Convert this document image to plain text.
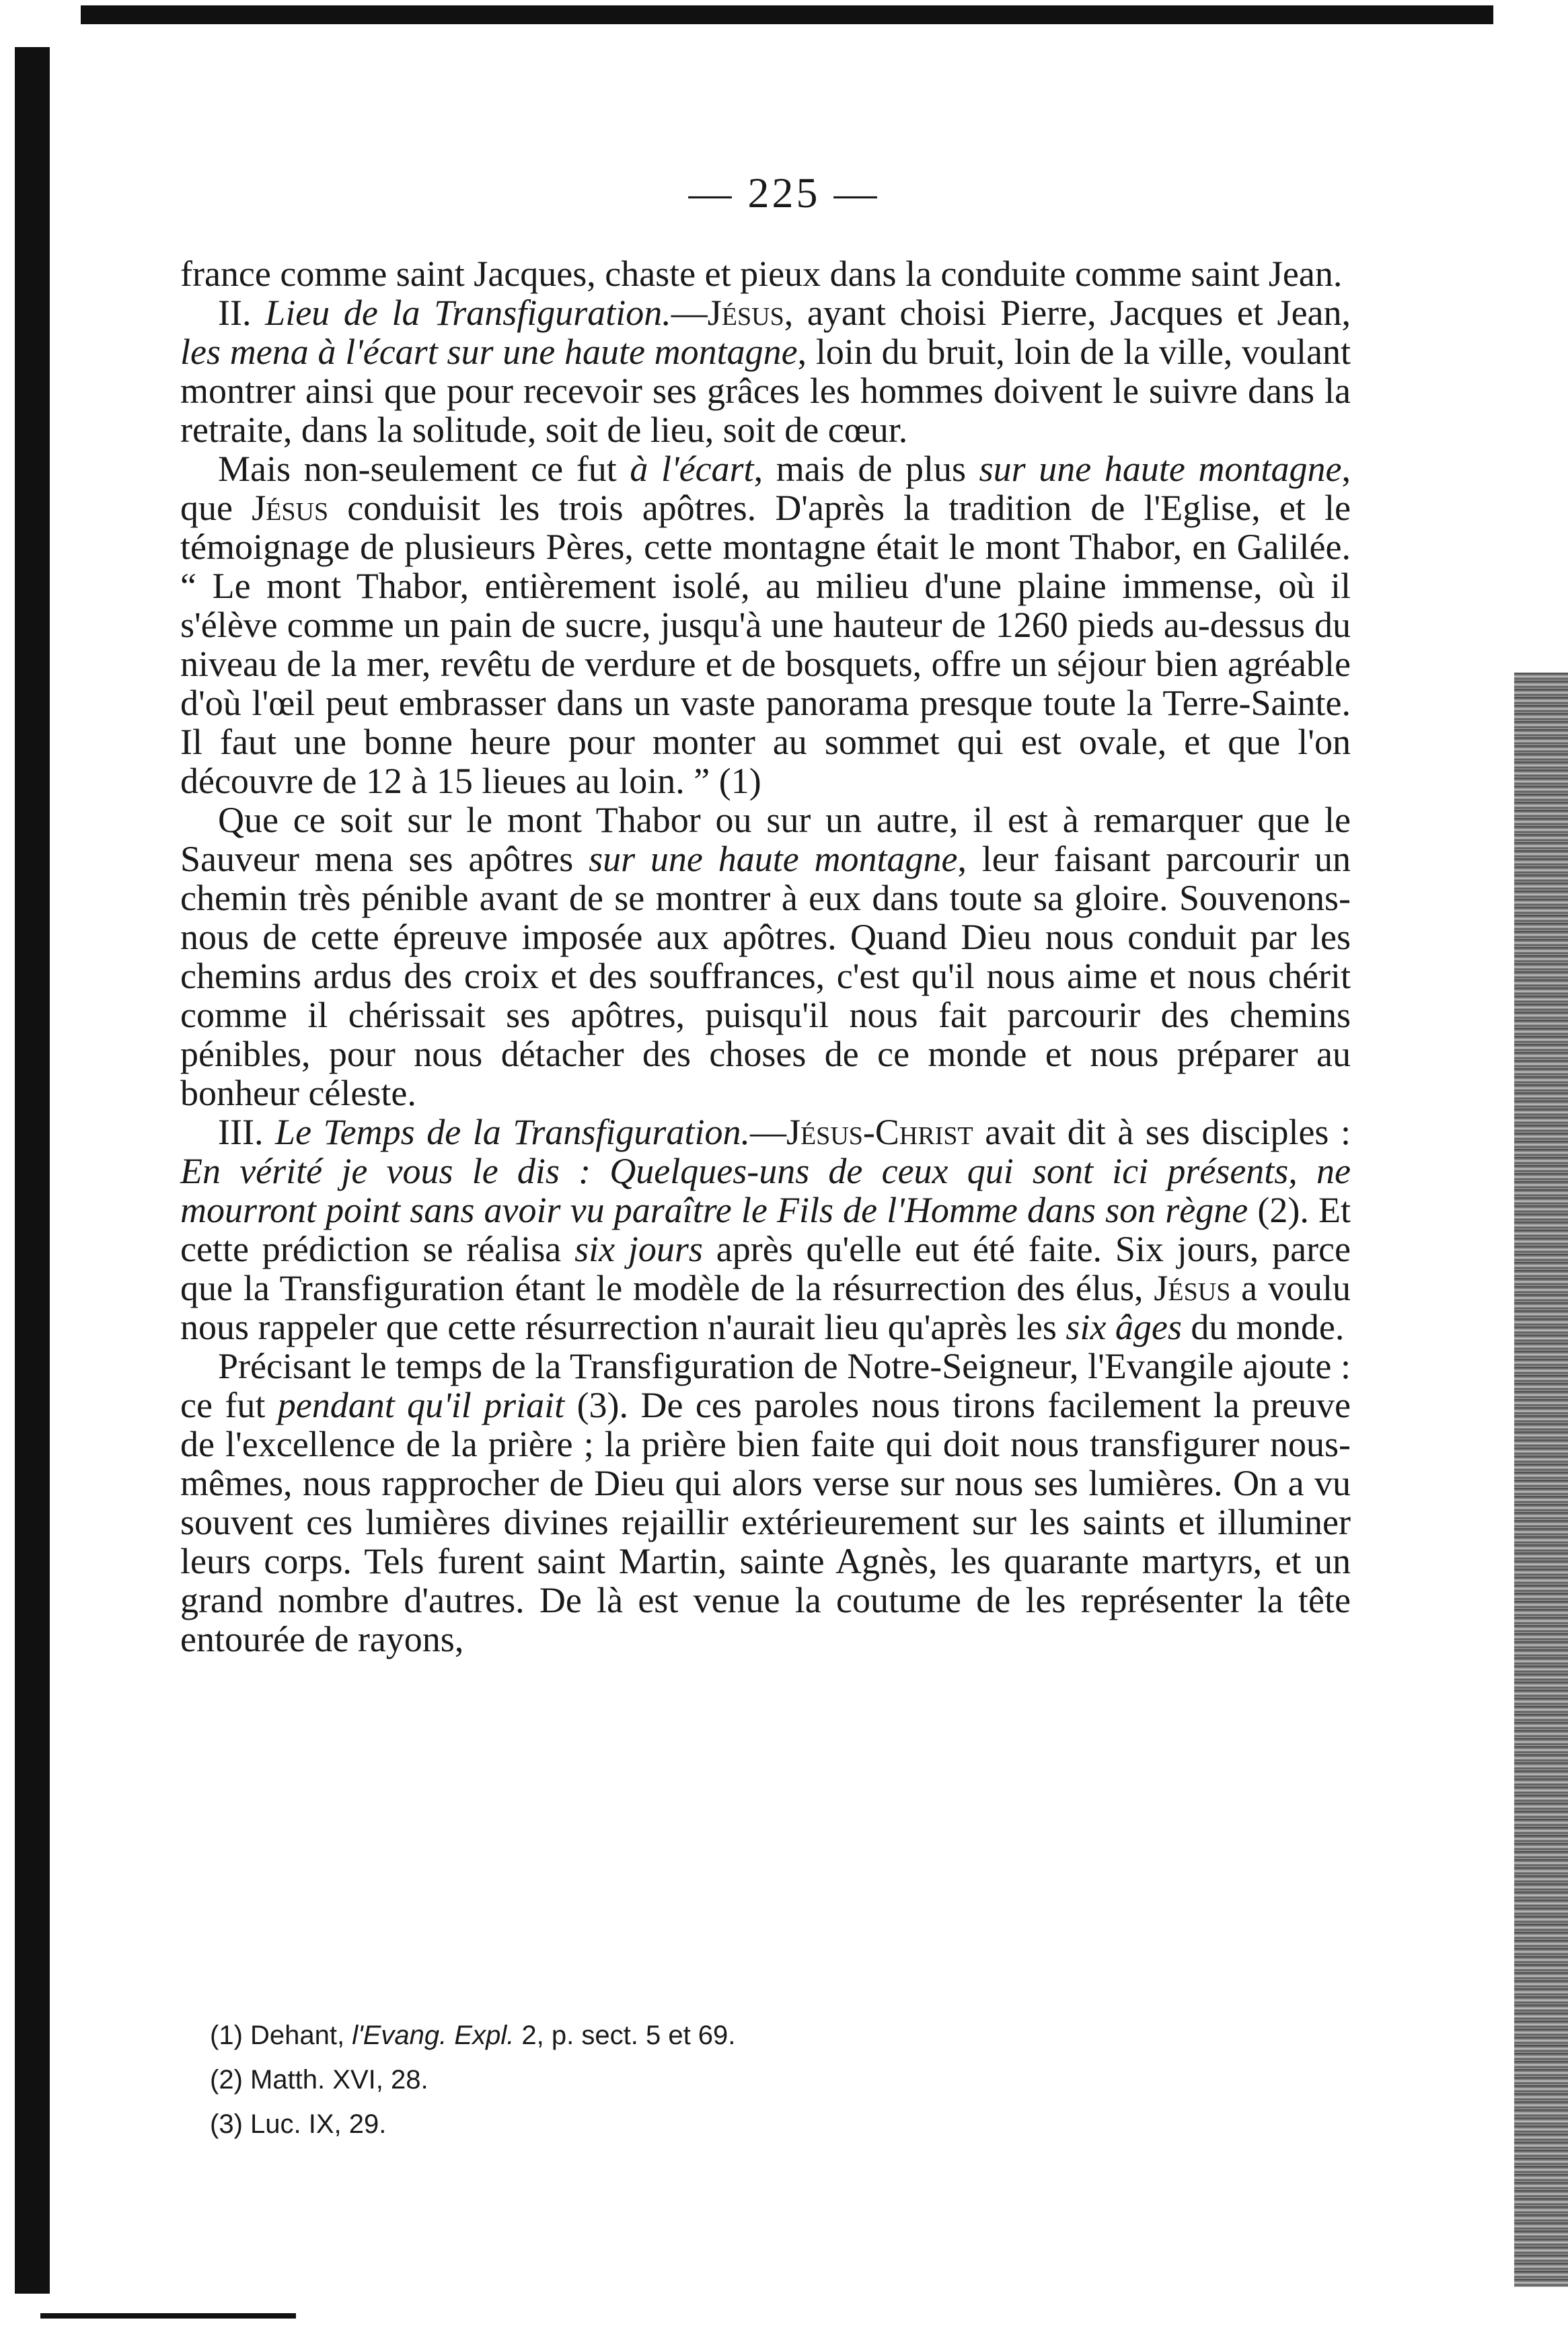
— 225 —

france comme saint Jacques, chaste et pieux dans la conduite comme saint Jean.

II. Lieu de la Transfiguration.—Jésus, ayant choisi Pierre, Jacques et Jean, les mena à l'écart sur une haute montagne, loin du bruit, loin de la ville, voulant montrer ainsi que pour recevoir ses grâces les hommes doivent le suivre dans la retraite, dans la solitude, soit de lieu, soit de cœur.

Mais non-seulement ce fut à l'écart, mais de plus sur une haute montagne, que Jésus conduisit les trois apôtres. D'après la tradition de l'Eglise, et le témoignage de plusieurs Pères, cette montagne était le mont Thabor, en Galilée. “ Le mont Thabor, entièrement isolé, au milieu d'une plaine immense, où il s'élève comme un pain de sucre, jusqu'à une hauteur de 1260 pieds au-dessus du niveau de la mer, revêtu de verdure et de bosquets, offre un séjour bien agréable d'où l'œil peut embrasser dans un vaste panorama presque toute la Terre-Sainte. Il faut une bonne heure pour monter au sommet qui est ovale, et que l'on découvre de 12 à 15 lieues au loin. ” (1)

Que ce soit sur le mont Thabor ou sur un autre, il est à remarquer que le Sauveur mena ses apôtres sur une haute montagne, leur faisant parcourir un chemin très pénible avant de se montrer à eux dans toute sa gloire. Souvenons-nous de cette épreuve imposée aux apôtres. Quand Dieu nous conduit par les chemins ardus des croix et des souffrances, c'est qu'il nous aime et nous chérit comme il chérissait ses apôtres, puisqu'il nous fait parcourir des chemins pénibles, pour nous détacher des choses de ce monde et nous préparer au bonheur céleste.

III. Le Temps de la Transfiguration.—Jésus-Christ avait dit à ses disciples : En vérité je vous le dis : Quelques-uns de ceux qui sont ici présents, ne mourront point sans avoir vu paraître le Fils de l'Homme dans son règne (2). Et cette prédiction se réalisa six jours après qu'elle eut été faite. Six jours, parce que la Transfiguration étant le modèle de la résurrection des élus, Jésus a voulu nous rappeler que cette résurrection n'aurait lieu qu'après les six âges du monde.

Précisant le temps de la Transfiguration de Notre-Seigneur, l'Evangile ajoute : ce fut pendant qu'il priait (3). De ces paroles nous tirons facilement la preuve de l'excellence de la prière ; la prière bien faite qui doit nous transfigurer nous-mêmes, nous rapprocher de Dieu qui alors verse sur nous ses lumières. On a vu souvent ces lumières divines rejaillir extérieurement sur les saints et illuminer leurs corps. Tels furent saint Martin, sainte Agnès, les quarante martyrs, et un grand nombre d'autres. De là est venue la coutume de les représenter la tête entourée de rayons,

(1) Dehant, l'Evang. Expl. 2, p. sect. 5 et 69.
(2) Matth. XVI, 28.
(3) Luc. IX, 29.
